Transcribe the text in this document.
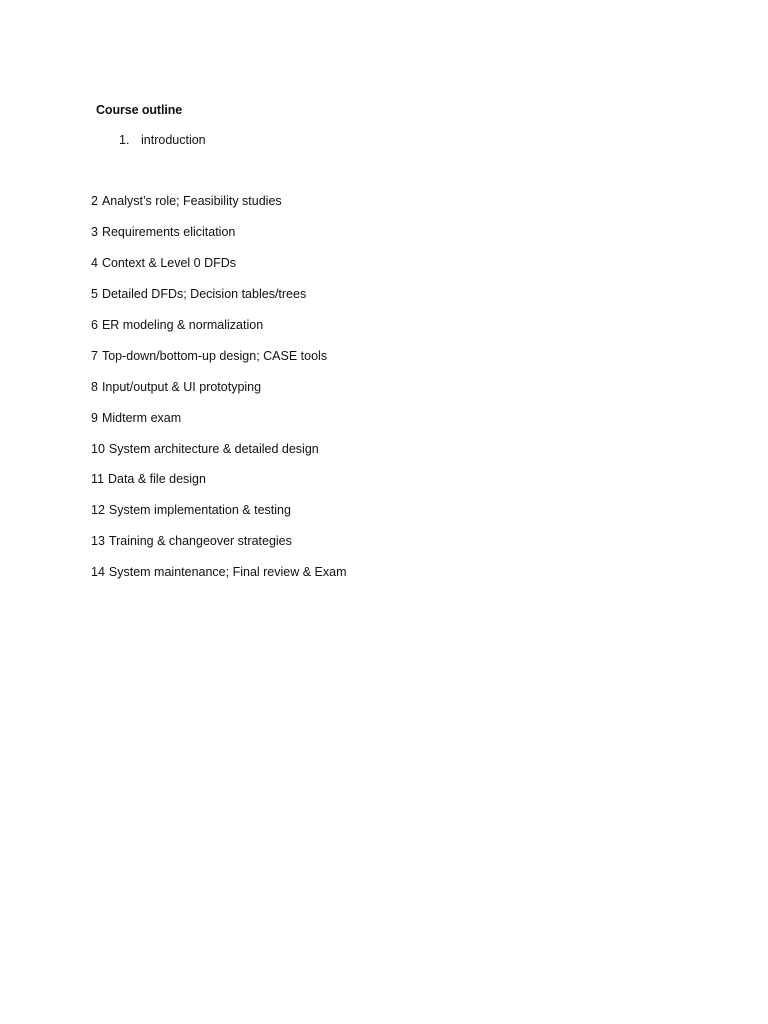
Course outline
1. introduction
2 Analyst’s role; Feasibility studies
3 Requirements elicitation
4 Context & Level 0 DFDs
5 Detailed DFDs; Decision tables/trees
6 ER modeling & normalization
7 Top-down/bottom-up design; CASE tools
8 Input/output & UI prototyping
9 Midterm exam
10 System architecture & detailed design
11 Data & file design
12 System implementation & testing
13 Training & changeover strategies
14 System maintenance; Final review & Exam
